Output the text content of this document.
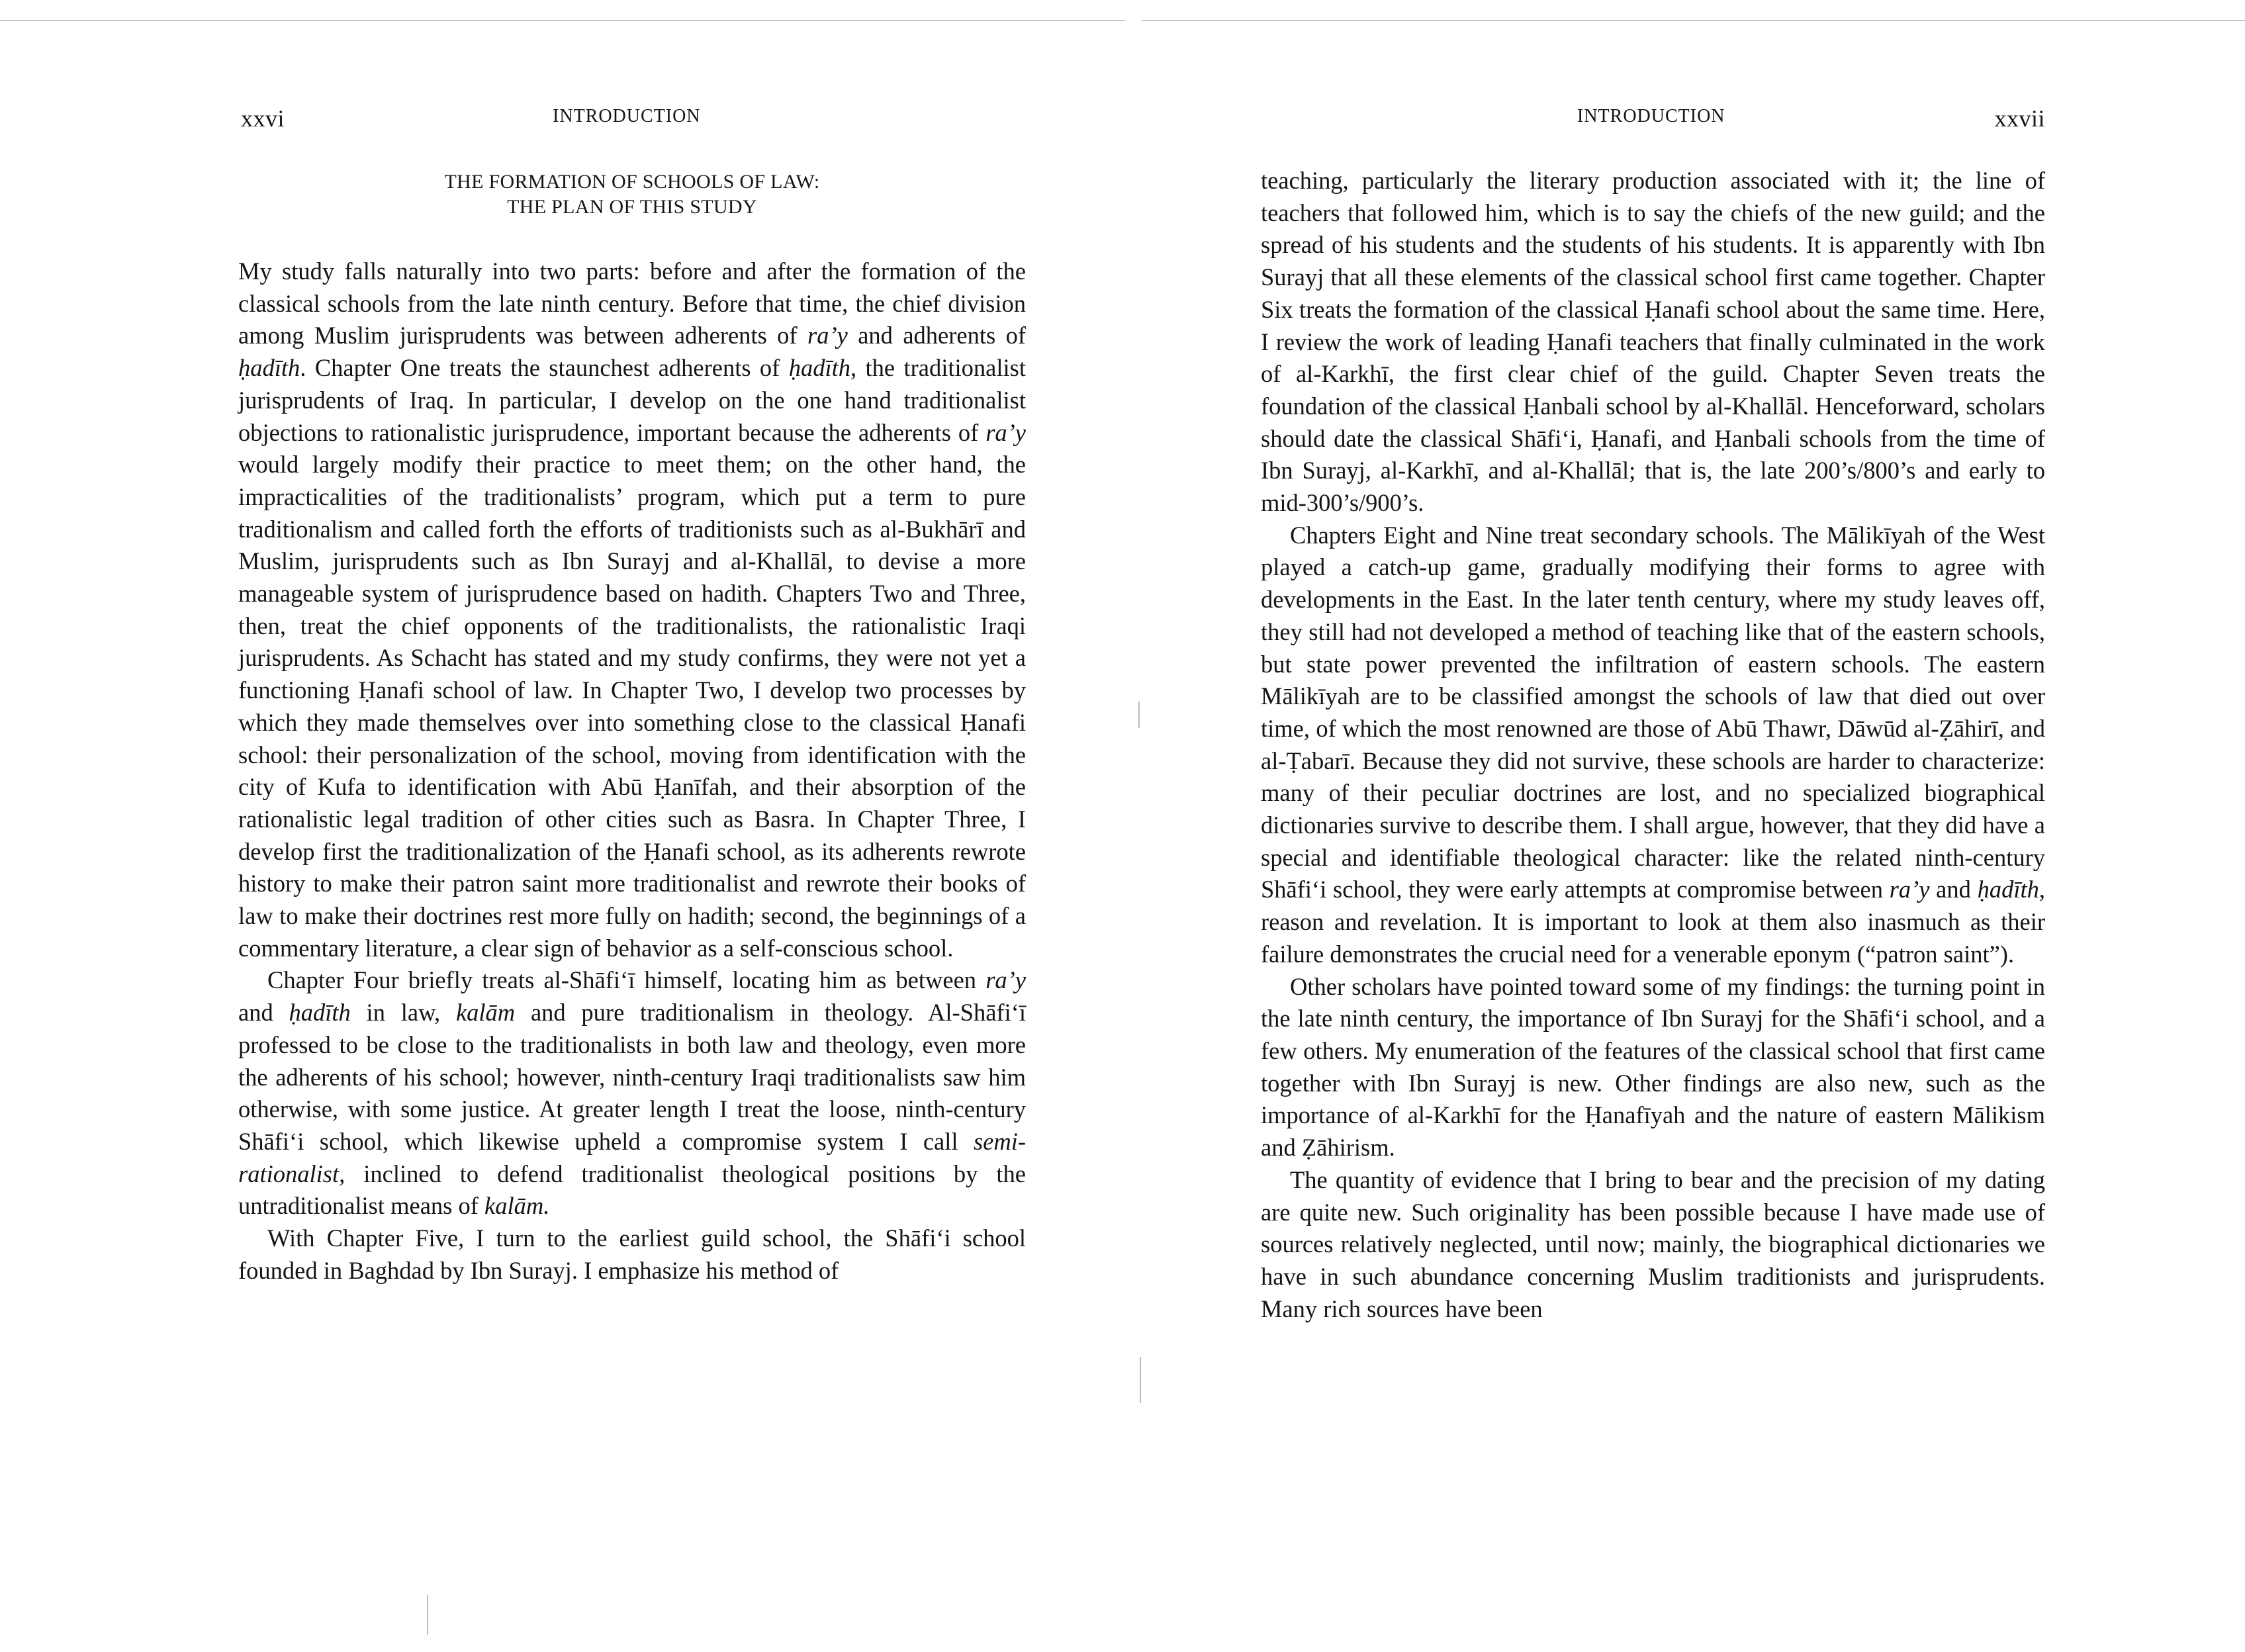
xxvi	INTRODUCTION
THE FORMATION OF SCHOOLS OF LAW:
THE PLAN OF THIS STUDY

My study falls naturally into two parts: before and after the formation of the classical schools from the late ninth century. Before that time, the chief division among Muslim jurisprudents was between adherents of ra’y and adherents of ḥadīth. Chapter One treats the staunchest adherents of ḥadīth, the traditionalist jurisprudents of Iraq. In particular, I develop on the one hand traditionalist objections to rationalistic jurisprudence, important because the adherents of ra’y would largely modify their practice to meet them; on the other hand, the impracticalities of the traditionalists’ program, which put a term to pure traditionalism and called forth the efforts of traditionists such as al-Bukhārī and Muslim, jurisprudents such as Ibn Surayj and al-Khallāl, to devise a more manageable system of jurisprudence based on hadith. Chapters Two and Three, then, treat the chief opponents of the traditionalists, the rationalistic Iraqi jurisprudents. As Schacht has stated and my study confirms, they were not yet a functioning Ḥanafi school of law. In Chapter Two, I develop two processes by which they made themselves over into something close to the classical Ḥanafi school: their personalization of the school, moving from identification with the city of Kufa to identification with Abū Ḥanīfah, and their absorption of the rationalistic legal tradition of other cities such as Basra. In Chapter Three, I develop first the traditionalization of the Ḥanafi school, as its adherents rewrote history to make their patron saint more traditionalist and rewrote their books of law to make their doctrines rest more fully on hadith; second, the beginnings of a commentary literature, a clear sign of behavior as a self-conscious school.

Chapter Four briefly treats al-Shāfi‘ī himself, locating him as between ra’y and ḥadīth in law, kalām and pure traditionalism in theology. Al-Shāfi‘ī professed to be close to the traditionalists in both law and theology, even more the adherents of his school; however, ninth-century Iraqi traditionalists saw him otherwise, with some justice. At greater length I treat the loose, ninth-century Shāfi‘i school, which likewise upheld a compromise system I call semi-rationalist, inclined to defend traditionalist theological positions by the untraditionalist means of kalām.

With Chapter Five, I turn to the earliest guild school, the Shāfi‘i school founded in Baghdad by Ibn Surayj. I emphasize his method of

INTRODUCTION	xxvii

teaching, particularly the literary production associated with it; the line of teachers that followed him, which is to say the chiefs of the new guild; and the spread of his students and the students of his students. It is apparently with Ibn Surayj that all these elements of the classical school first came together. Chapter Six treats the formation of the classical Ḥanafi school about the same time. Here, I review the work of leading Ḥanafi teachers that finally culminated in the work of al-Karkhī, the first clear chief of the guild. Chapter Seven treats the foundation of the classical Ḥanbali school by al-Khallāl. Henceforward, scholars should date the classical Shāfi‘i, Ḥanafi, and Ḥanbali schools from the time of Ibn Surayj, al-Karkhī, and al-Khallāl; that is, the late 200’s/800’s and early to mid-300’s/900’s.

Chapters Eight and Nine treat secondary schools. The Mālikīyah of the West played a catch-up game, gradually modifying their forms to agree with developments in the East. In the later tenth century, where my study leaves off, they still had not developed a method of teaching like that of the eastern schools, but state power prevented the infiltration of eastern schools. The eastern Mālikīyah are to be classified amongst the schools of law that died out over time, of which the most renowned are those of Abū Thawr, Dāwūd al-Ẓāhirī, and al-Ṭabarī. Because they did not survive, these schools are harder to characterize: many of their peculiar doctrines are lost, and no specialized biographical dictionaries survive to describe them. I shall argue, however, that they did have a special and identifiable theological character: like the related ninth-century Shāfi‘i school, they were early attempts at compromise between ra’y and ḥadīth, reason and revelation. It is important to look at them also inasmuch as their failure demonstrates the crucial need for a venerable eponym (“patron saint”).

Other scholars have pointed toward some of my findings: the turning point in the late ninth century, the importance of Ibn Surayj for the Shāfi‘i school, and a few others. My enumeration of the features of the classical school that first came together with Ibn Surayj is new. Other findings are also new, such as the importance of al-Karkhī for the Ḥanafīyah and the nature of eastern Mālikism and Ẓāhirism.

The quantity of evidence that I bring to bear and the precision of my dating are quite new. Such originality has been possible because I have made use of sources relatively neglected, until now; mainly, the biographical dictionaries we have in such abundance concerning Muslim traditionists and jurisprudents. Many rich sources have been
